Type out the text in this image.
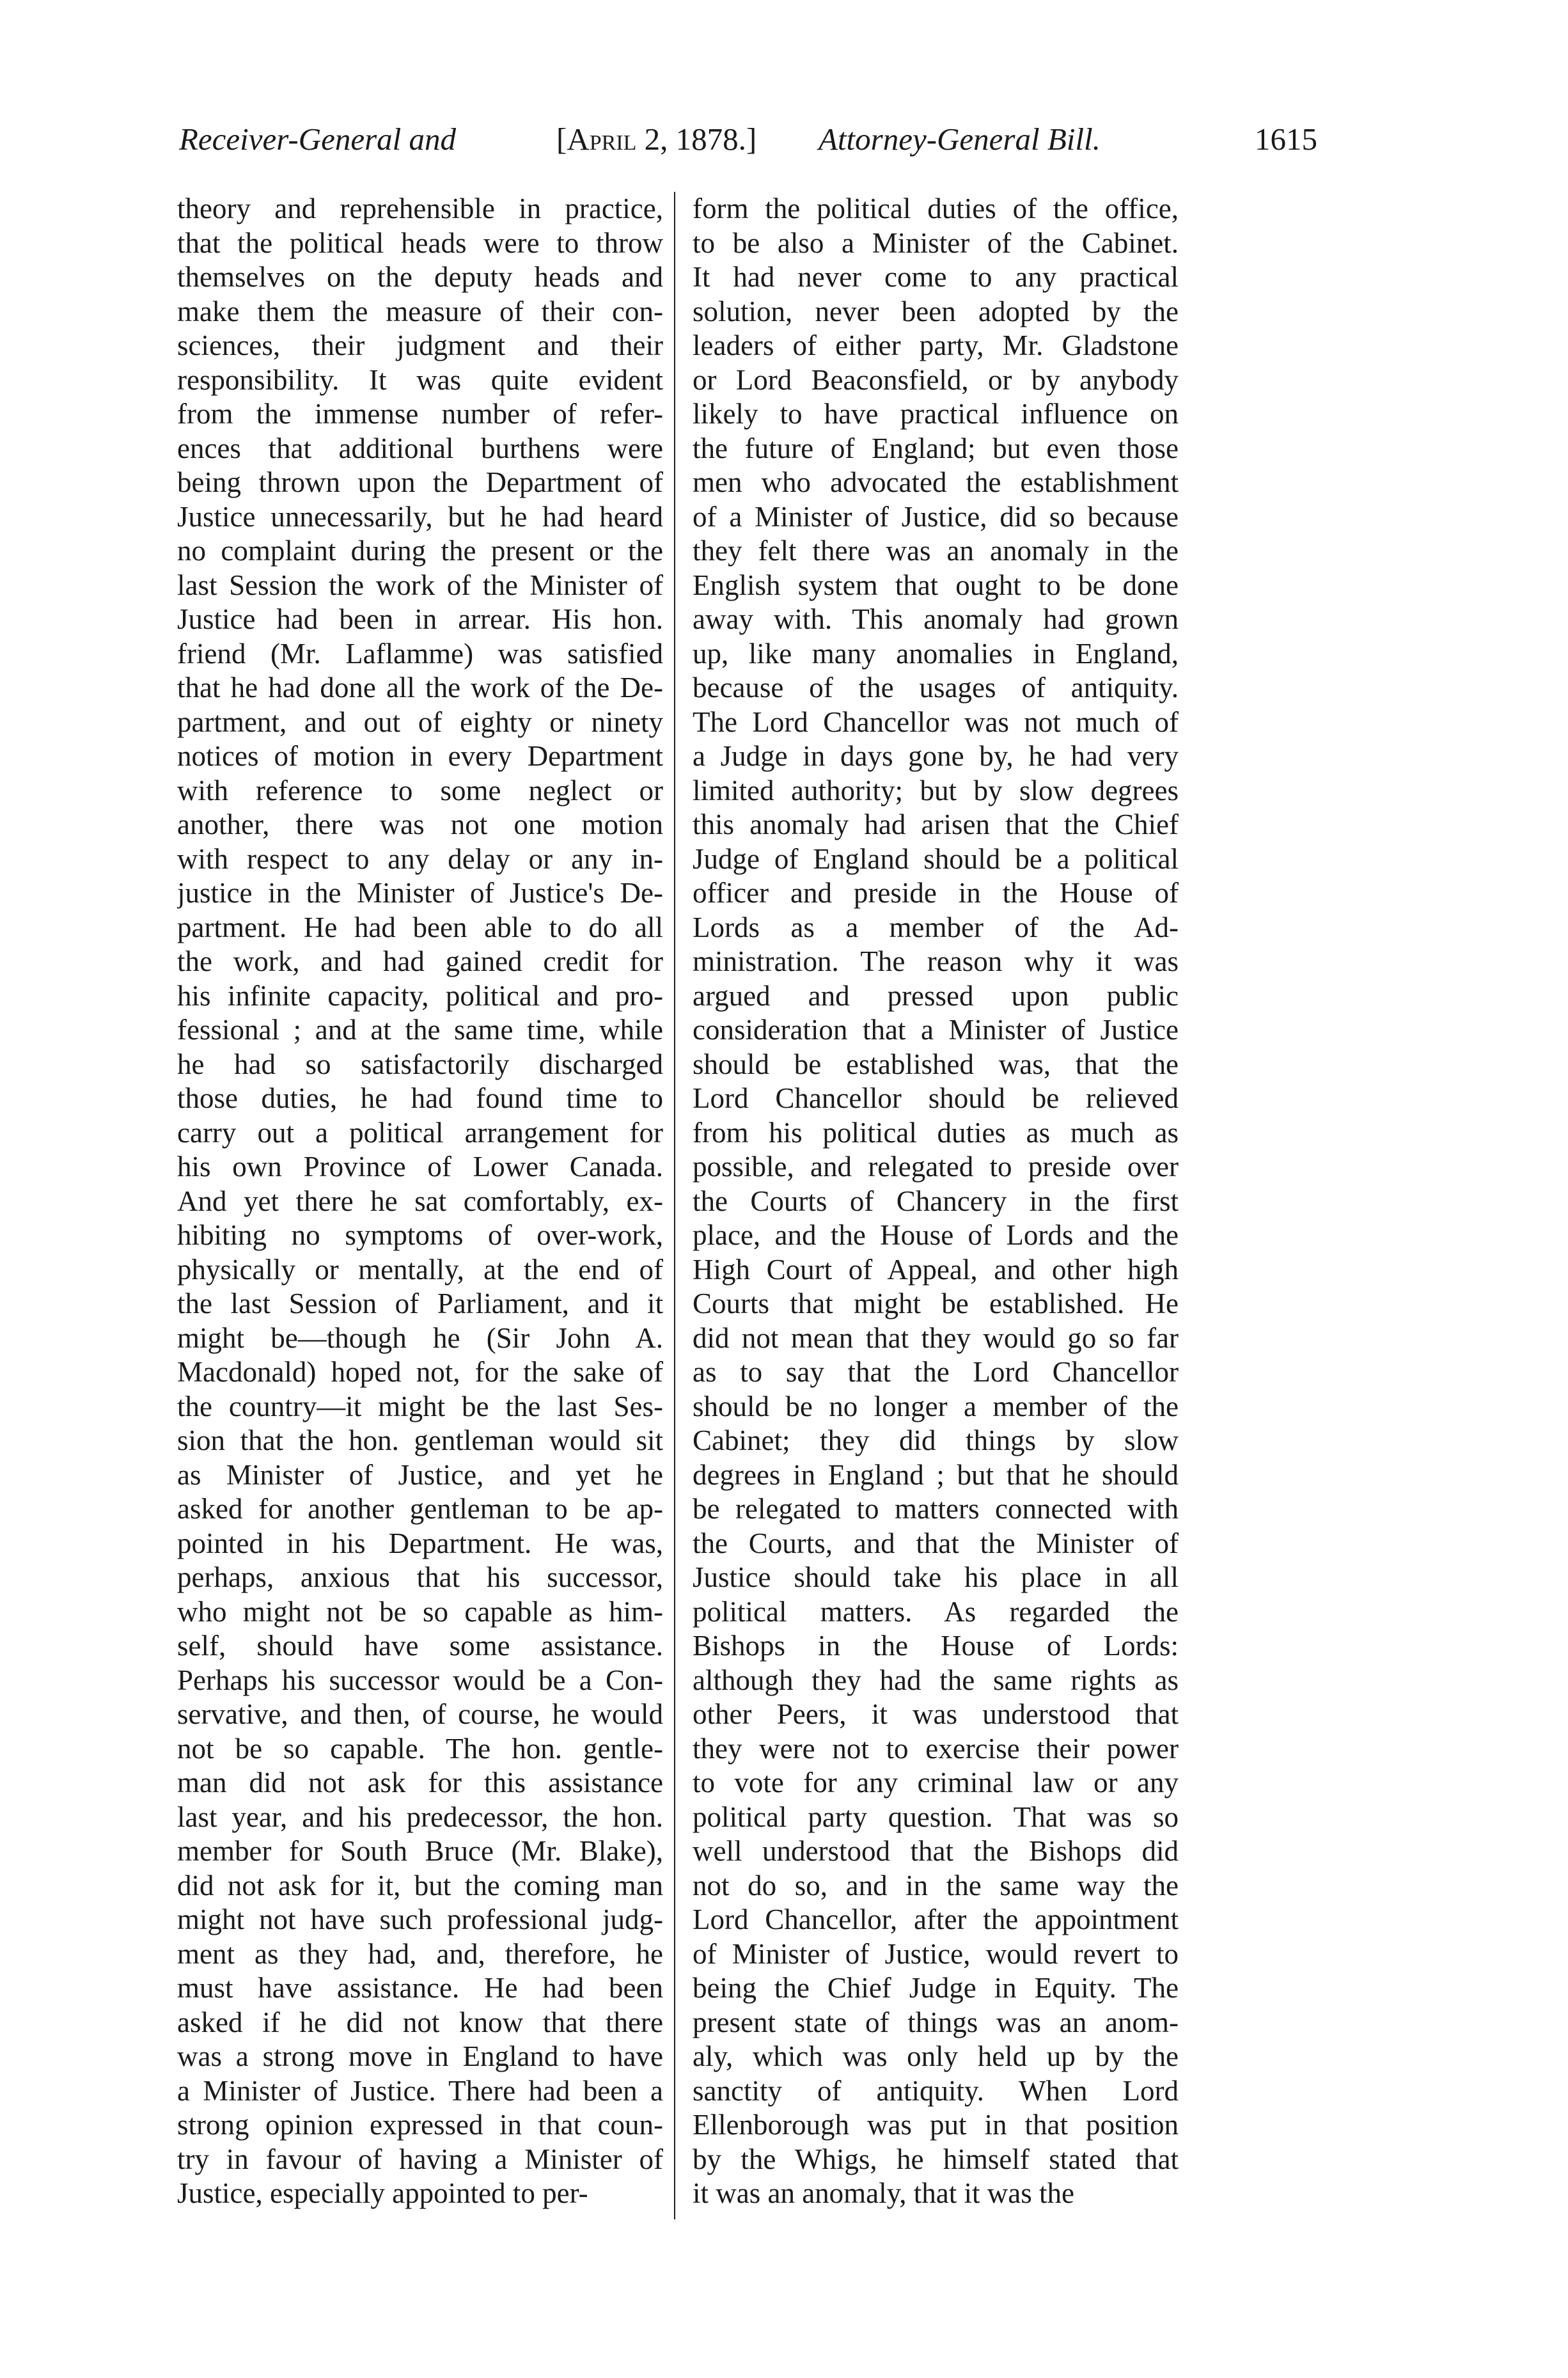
Receiver-General and	[April 2, 1878.] Attorney-General Bill.	1615
theory and reprehensible in practice,
that the political heads were to throw
themselves on the deputy heads and
make them the measure of their con-
sciences, their judgment and their
responsibility. It was quite evident
from the immense number of refer-
ences that additional burthens were
being thrown upon the Department of
Justice unnecessarily, but he had heard
no complaint during the present or the
last Session the work of the Minister of
Justice had been in arrear. His hon.
friend (Mr. Laflamme) was satisfied
that he had done all the work of the De-
partment, and out of eighty or ninety
notices of motion in every Department
with reference to some neglect or
another, there was not one motion
with respect to any delay or any in-
justice in the Minister of Justice's De-
partment. He had been able to do all
the work, and had gained credit for
his infinite capacity, political and pro-
fessional ; and at the same time, while
he had so satisfactorily discharged
those duties, he had found time to
carry out a political arrangement for
his own Province of Lower Canada.
And yet there he sat comfortably, ex-
hibiting no symptoms of over-work,
physically or mentally, at the end of
the last Session of Parliament, and it
might be—though he (Sir John A.
Macdonald) hoped not, for the sake of
the country—it might be the last Ses-
sion that the hon. gentleman would sit
as Minister of Justice, and yet he
asked for another gentleman to be ap-
pointed in his Department. He was,
perhaps, anxious that his successor,
who might not be so capable as him-
self, should have some assistance.
Perhaps his successor would be a Con-
servative, and then, of course, he would
not be so capable. The hon. gentle-
man did not ask for this assistance
last year, and his predecessor, the hon.
member for South Bruce (Mr. Blake),
did not ask for it, but the coming man
might not have such professional judg-
ment as they had, and, therefore, he
must have assistance. He had been
asked if he did not know that there
was a strong move in England to have
a Minister of Justice. There had been a
strong opinion expressed in that coun-
try in favour of having a Minister of
Justice, especially appointed to per-
form the political duties of the office,
to be also a Minister of the Cabinet.
It had never come to any practical
solution, never been adopted by the
leaders of either party, Mr. Gladstone
or Lord Beaconsfield, or by anybody
likely to have practical influence on
the future of England; but even those
men who advocated the establishment
of a Minister of Justice, did so because
they felt there was an anomaly in the
English system that ought to be done
away with. This anomaly had grown
up, like many anomalies in England,
because of the usages of antiquity.
The Lord Chancellor was not much of
a Judge in days gone by, he had very
limited authority; but by slow degrees
this anomaly had arisen that the Chief
Judge of England should be a political
officer and preside in the House of
Lords as a member of the Ad-
ministration. The reason why it was
argued and pressed upon public
consideration that a Minister of Justice
should be established was, that the
Lord Chancellor should be relieved
from his political duties as much as
possible, and relegated to preside over
the Courts of Chancery in the first
place, and the House of Lords and the
High Court of Appeal, and other high
Courts that might be established. He
did not mean that they would go so far
as to say that the Lord Chancellor
should be no longer a member of the
Cabinet; they did things by slow
degrees in England ; but that he should
be relegated to matters connected with
the Courts, and that the Minister of
Justice should take his place in all
political matters. As regarded the
Bishops in the House of Lords:
although they had the same rights as
other Peers, it was understood that
they were not to exercise their power
to vote for any criminal law or any
political party question. That was so
well understood that the Bishops did
not do so, and in the same way the
Lord Chancellor, after the appointment
of Minister of Justice, would revert to
being the Chief Judge in Equity. The
present state of things was an anom-
aly, which was only held up by the
sanctity of antiquity. When Lord
Ellenborough was put in that position
by the Whigs, he himself stated that
it was an anomaly, that it was the
